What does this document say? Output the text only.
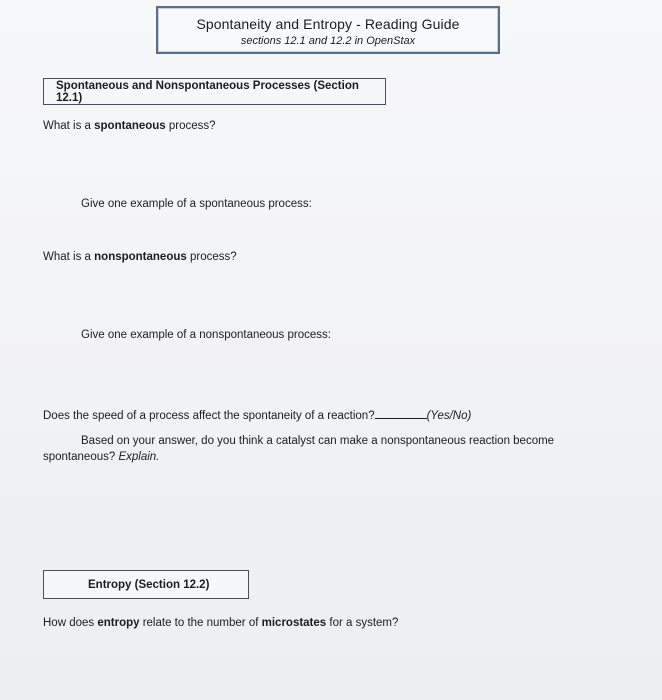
Spontaneity and Entropy - Reading Guide
sections 12.1 and 12.2 in OpenStax
Spontaneous and Nonspontaneous Processes (Section 12.1)
What is a spontaneous process?
Give one example of a spontaneous process:
What is a nonspontaneous process?
Give one example of a nonspontaneous process:
Does the speed of a process affect the spontaneity of a reaction?	(Yes/No)
Based on your answer, do you think a catalyst can make a nonspontaneous reaction become
spontaneous? Explain.
Entropy (Section 12.2)
How does entropy relate to the number of microstates for a system?
